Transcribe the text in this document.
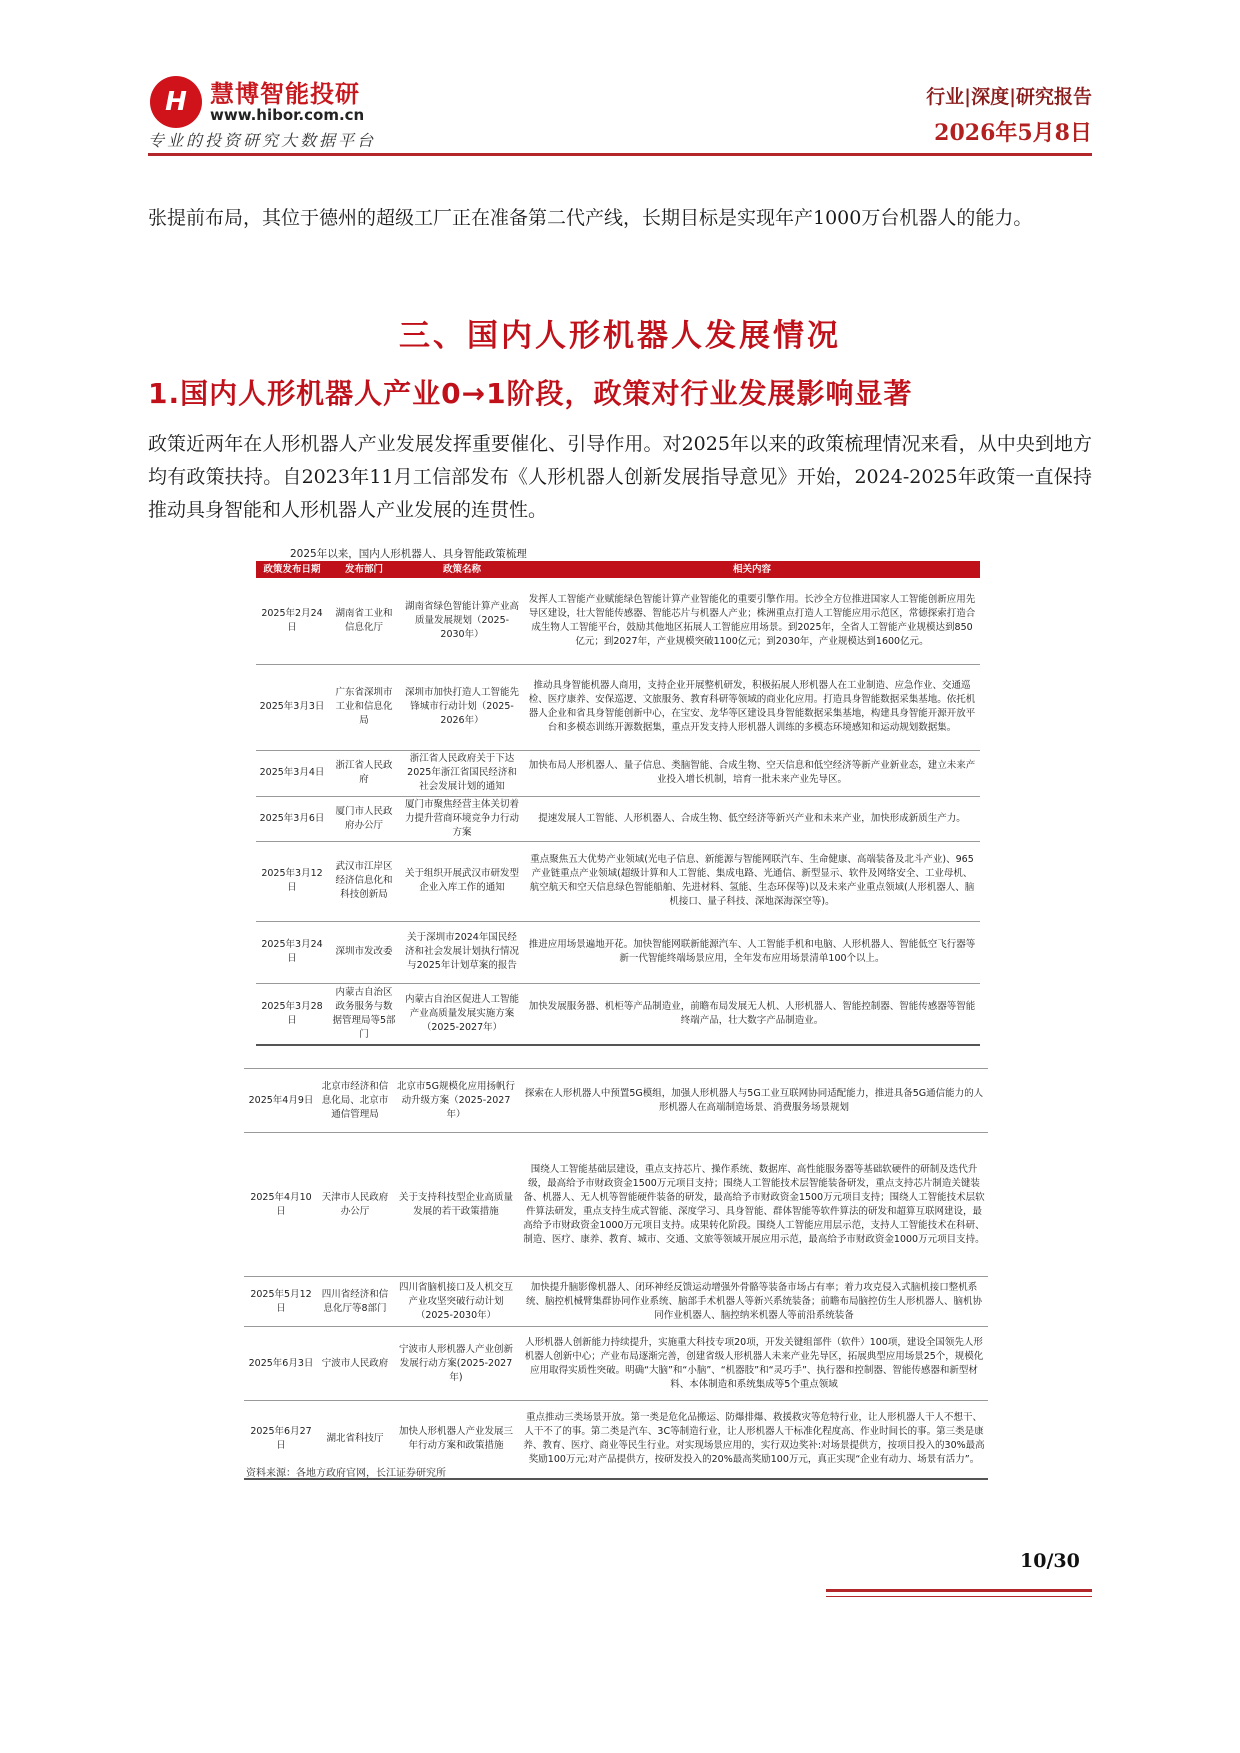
H 慧博智能投研
www.hibor.com.cn
专业的投资研究大数据平台
行业|深度|研究报告
2026年5月8日

张提前布局，其位于德州的超级工厂正在准备第二代产线，长期目标是实现年产1000万台机器人的能力。

三、国内人形机器人发展情况
1.国内人形机器人产业0→1阶段，政策对行业发展影响显著

政策近两年在人形机器人产业发展发挥重要催化、引导作用。对2025年以来的政策梳理情况来看，从中央到地方均有政策扶持。自2023年11月工信部发布《人形机器人创新发展指导意见》开始，2024-2025年政策一直保持推动具身智能和人形机器人产业发展的连贯性。

2025年以来，国内人形机器人、具身智能政策梳理
政策发布日期	发布部门	政策名称	相关内容
2025年2月24日	湖南省工业和信息化厅	湖南省绿色智能计算产业高质量发展规划（2025-2030年）	发挥人工智能产业赋能绿色智能计算产业智能化的重要引擎作用。长沙全方位推进国家人工智能创新应用先导区建设，壮大智能传感器、智能芯片与机器人产业；株洲重点打造人工智能应用示范区，常德探索打造合成生物人工智能平台，鼓励其他地区拓展人工智能应用场景。到2025年，全省人工智能产业规模达到850亿元；到2027年，产业规模突破1100亿元；到2030年，产业规模达到1600亿元。
2025年3月3日	广东省深圳市工业和信息化局	深圳市加快打造人工智能先锋城市行动计划（2025-2026年）	推动具身智能机器人商用，支持企业开展整机研发，积极拓展人形机器人在工业制造、应急作业、交通巡检、医疗康养、安保巡逻、文旅服务、教育科研等领域的商业化应用。打造具身智能数据采集基地。依托机器人企业和省具身智能创新中心，在宝安、龙华等区建设具身智能数据采集基地，构建具身智能开源开放平台和多模态训练开源数据集，重点开发支持人形机器人训练的多模态环境感知和运动规划数据集。
2025年3月4日	浙江省人民政府	浙江省人民政府关于下达2025年浙江省国民经济和社会发展计划的通知	加快布局人形机器人、量子信息、类脑智能、合成生物、空天信息和低空经济等新产业新业态，建立未来产业投入增长机制，培育一批未来产业先导区。
2025年3月6日	厦门市人民政府办公厅	厦门市聚焦经营主体关切着力提升营商环境竞争力行动方案	提速发展人工智能、人形机器人、合成生物、低空经济等新兴产业和未来产业，加快形成新质生产力。
2025年3月12日	武汉市江岸区经济信息化和科技创新局	关于组织开展武汉市研发型企业入库工作的通知	重点聚焦五大优势产业领域(光电子信息、新能源与智能网联汽车、生命健康、高端装备及北斗产业)、965产业链重点产业领域(超级计算和人工智能、集成电路、光通信、新型显示、软件及网络安全、工业母机、航空航天和空天信息绿色智能船舶、先进材料、氢能、生态环保等)以及未来产业重点领域(人形机器人、脑机接口、量子科技、深地深海深空等)。
2025年3月24日	深圳市发改委	关于深圳市2024年国民经济和社会发展计划执行情况与2025年计划草案的报告	推进应用场景遍地开花。加快智能网联新能源汽车、人工智能手机和电脑、人形机器人、智能低空飞行器等新一代智能终端场景应用，全年发布应用场景清单100个以上。
2025年3月28日	内蒙古自治区政务服务与数据管理局等5部门	内蒙古自治区促进人工智能产业高质量发展实施方案（2025-2027年）	加快发展服务器、机柜等产品制造业，前瞻布局发展无人机、人形机器人、智能控制器、智能传感器等智能终端产品，壮大数字产品制造业。
2025年4月9日	北京市经济和信息化局、北京市通信管理局	北京市5G规模化应用扬帆行动升级方案（2025-2027年）	探索在人形机器人中预置5G模组，加强人形机器人与5G工业互联网协同适配能力，推进具备5G通信能力的人形机器人在高端制造场景、消费服务场景规划
2025年4月10日	天津市人民政府办公厅	关于支持科技型企业高质量发展的若干政策措施	围绕人工智能基础层建设，重点支持芯片、操作系统、数据库、高性能服务器等基础软硬件的研制及迭代升级，最高给予市财政资金1500万元项目支持；围绕人工智能技术层智能装备研发，重点支持芯片制造关键装备、机器人、无人机等智能硬件装备的研发，最高给予市财政资金1500万元项目支持；围绕人工智能技术层软件算法研发，重点支持生成式智能、深度学习、具身智能、群体智能等软件算法的研发和超算互联网建设，最高给予市财政资金1000万元项目支持。成果转化阶段。围绕人工智能应用层示范，支持人工智能技术在科研、制造、医疗、康养、教育、城市、交通、文旅等领域开展应用示范，最高给予市财政资金1000万元项目支持。
2025年5月12日	四川省经济和信息化厅等8部门	四川省脑机接口及人机交互产业攻坚突破行动计划（2025-2030年）	加快提升脑影像机器人、闭环神经反馈运动增强外骨骼等装备市场占有率；着力攻克侵入式脑机接口整机系统、脑控机械臂集群协同作业系统、脑部手术机器人等新兴系统装备；前瞻布局脑控仿生人形机器人、脑机协同作业机器人、脑控纳米机器人等前沿系统装备
2025年6月3日	宁波市人民政府	宁波市人形机器人产业创新发展行动方案(2025-2027年)	人形机器人创新能力持续提升，实施重大科技专项20项，开发关键组部件（软件）100项，建设全国领先人形机器人创新中心；产业布局逐渐完善，创建省级人形机器人未来产业先导区，拓展典型应用场景25个，规模化应用取得实质性突破。明确“大脑”和“小脑”、“机器肢”和“灵巧手”、执行器和控制器、智能传感器和新型材料、本体制造和系统集成等5个重点领域
2025年6月27日	湖北省科技厅	加快人形机器人产业发展三年行动方案和政策措施	重点推动三类场景开放。第一类是危化品搬运、防爆排爆、救援救灾等危特行业，让人形机器人干人不想干、人干不了的事。第二类是汽车、3C等制造行业，让人形机器人干标准化程度高、作业时间长的事。第三类是康养、教育、医疗、商业等民生行业。对实现场景应用的，实行双边奖补:对场景提供方，按项目投入的30%最高奖励100万元;对产品提供方，按研发投入的20%最高奖励100万元，真正实现“企业有动力、场景有活力”。
资料来源：各地方政府官网，长江证券研究所
10/30
